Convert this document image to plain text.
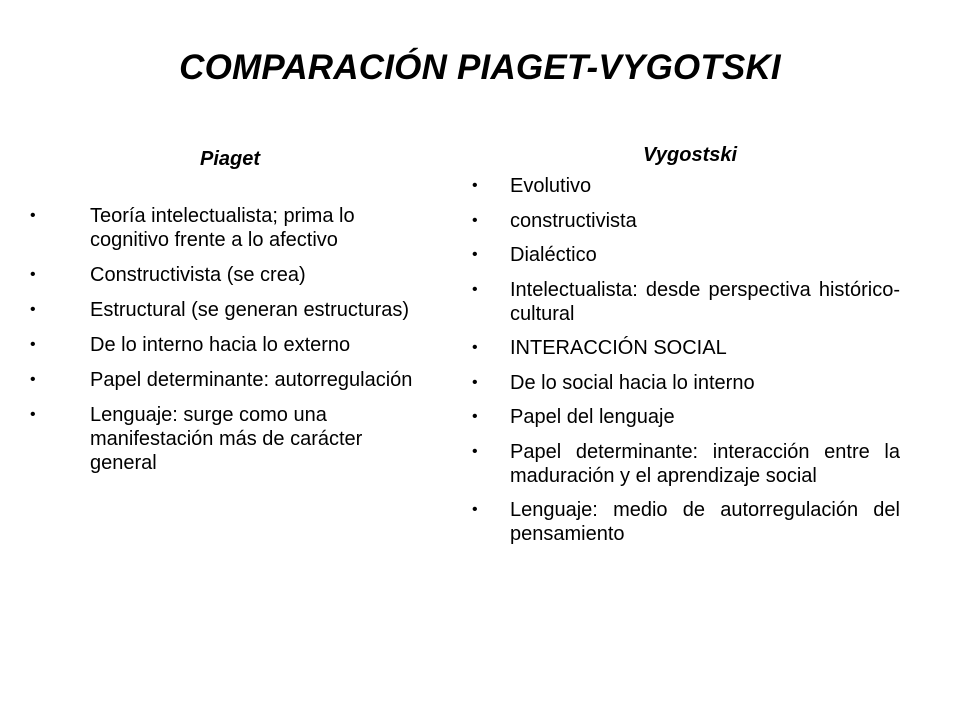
COMPARACIÓN PIAGET-VYGOTSKI
Piaget
•	Teoría intelectualista; prima lo cognitivo frente a lo afectivo
•	Constructivista (se crea)
•	Estructural (se generan estructuras)
•	De lo interno hacia lo externo
•	Papel determinante: autorregulación
•	Lenguaje: surge como una manifestación más de carácter general
Vygostski
• Evolutivo
• constructivista
• Dialéctico
• Intelectualista: desde perspectiva histórico-cultural
• INTERACCIÓN SOCIAL
• De lo social hacia lo interno
• Papel del lenguaje
• Papel determinante: interacción entre la maduración y el aprendizaje social
• Lenguaje: medio de autorregulación del pensamiento
